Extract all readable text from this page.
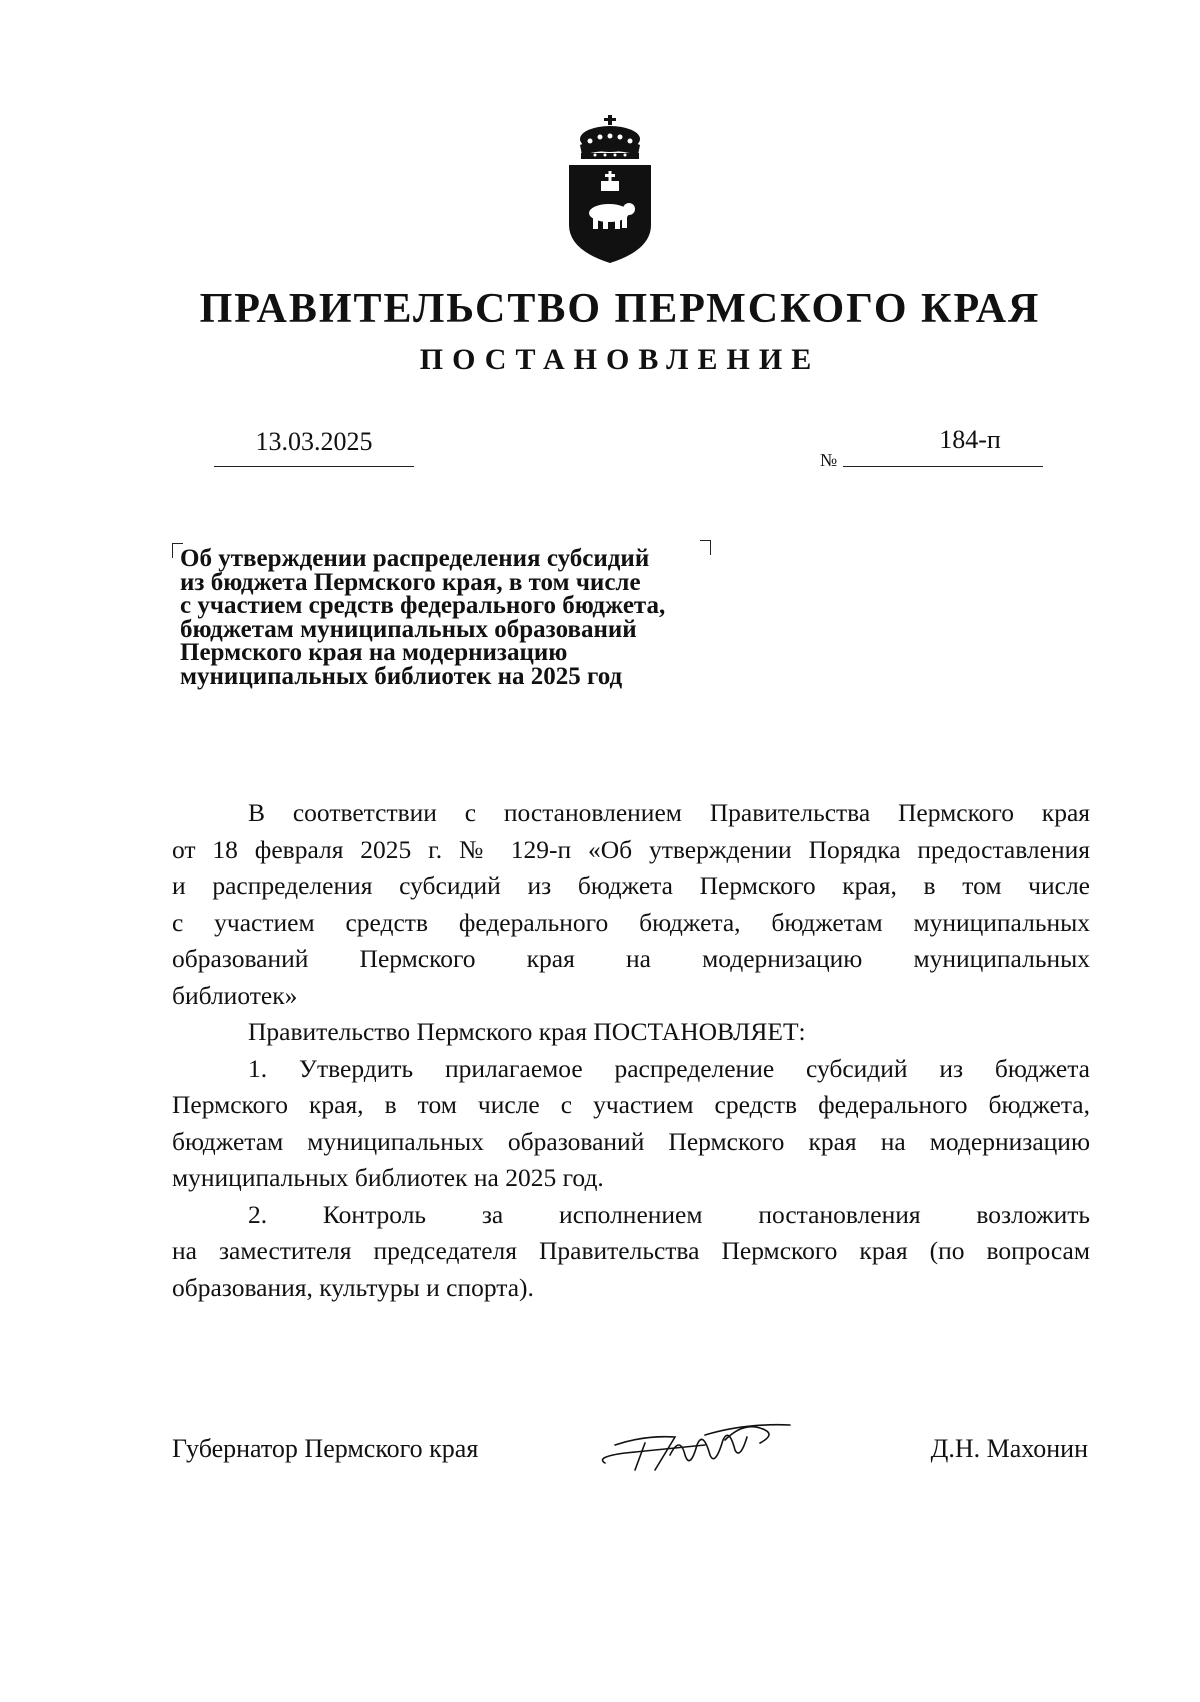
ПРАВИТЕЛЬСТВО ПЕРМСКОГО КРАЯ
ПОСТАНОВЛЕНИЕ
13.03.2025
№
184-п
Об утверждении распределения субсидий
из бюджета Пермского края, в том числе
с участием средств федерального бюджета,
бюджетам муниципальных образований
Пермского края на модернизацию
муниципальных библиотек на 2025 год
В соответствии с постановлением Правительства Пермского края
от 18 февраля 2025 г. № 129-п «Об утверждении Порядка предоставления
и распределения субсидий из бюджета Пермского края, в том числе
с участием средств федерального бюджета, бюджетам муниципальных
образований Пермского края на модернизацию муниципальных
библиотек»
Правительство Пермского края ПОСТАНОВЛЯЕТ:
1. Утвердить прилагаемое распределение субсидий из бюджета
Пермского края, в том числе с участием средств федерального бюджета,
бюджетам муниципальных образований Пермского края на модернизацию
муниципальных библиотек на 2025 год.
2. Контроль за исполнением постановления возложить
на заместителя председателя Правительства Пермского края (по вопросам
образования, культуры и спорта).
Губернатор Пермского края	Д.Н. Махонин
